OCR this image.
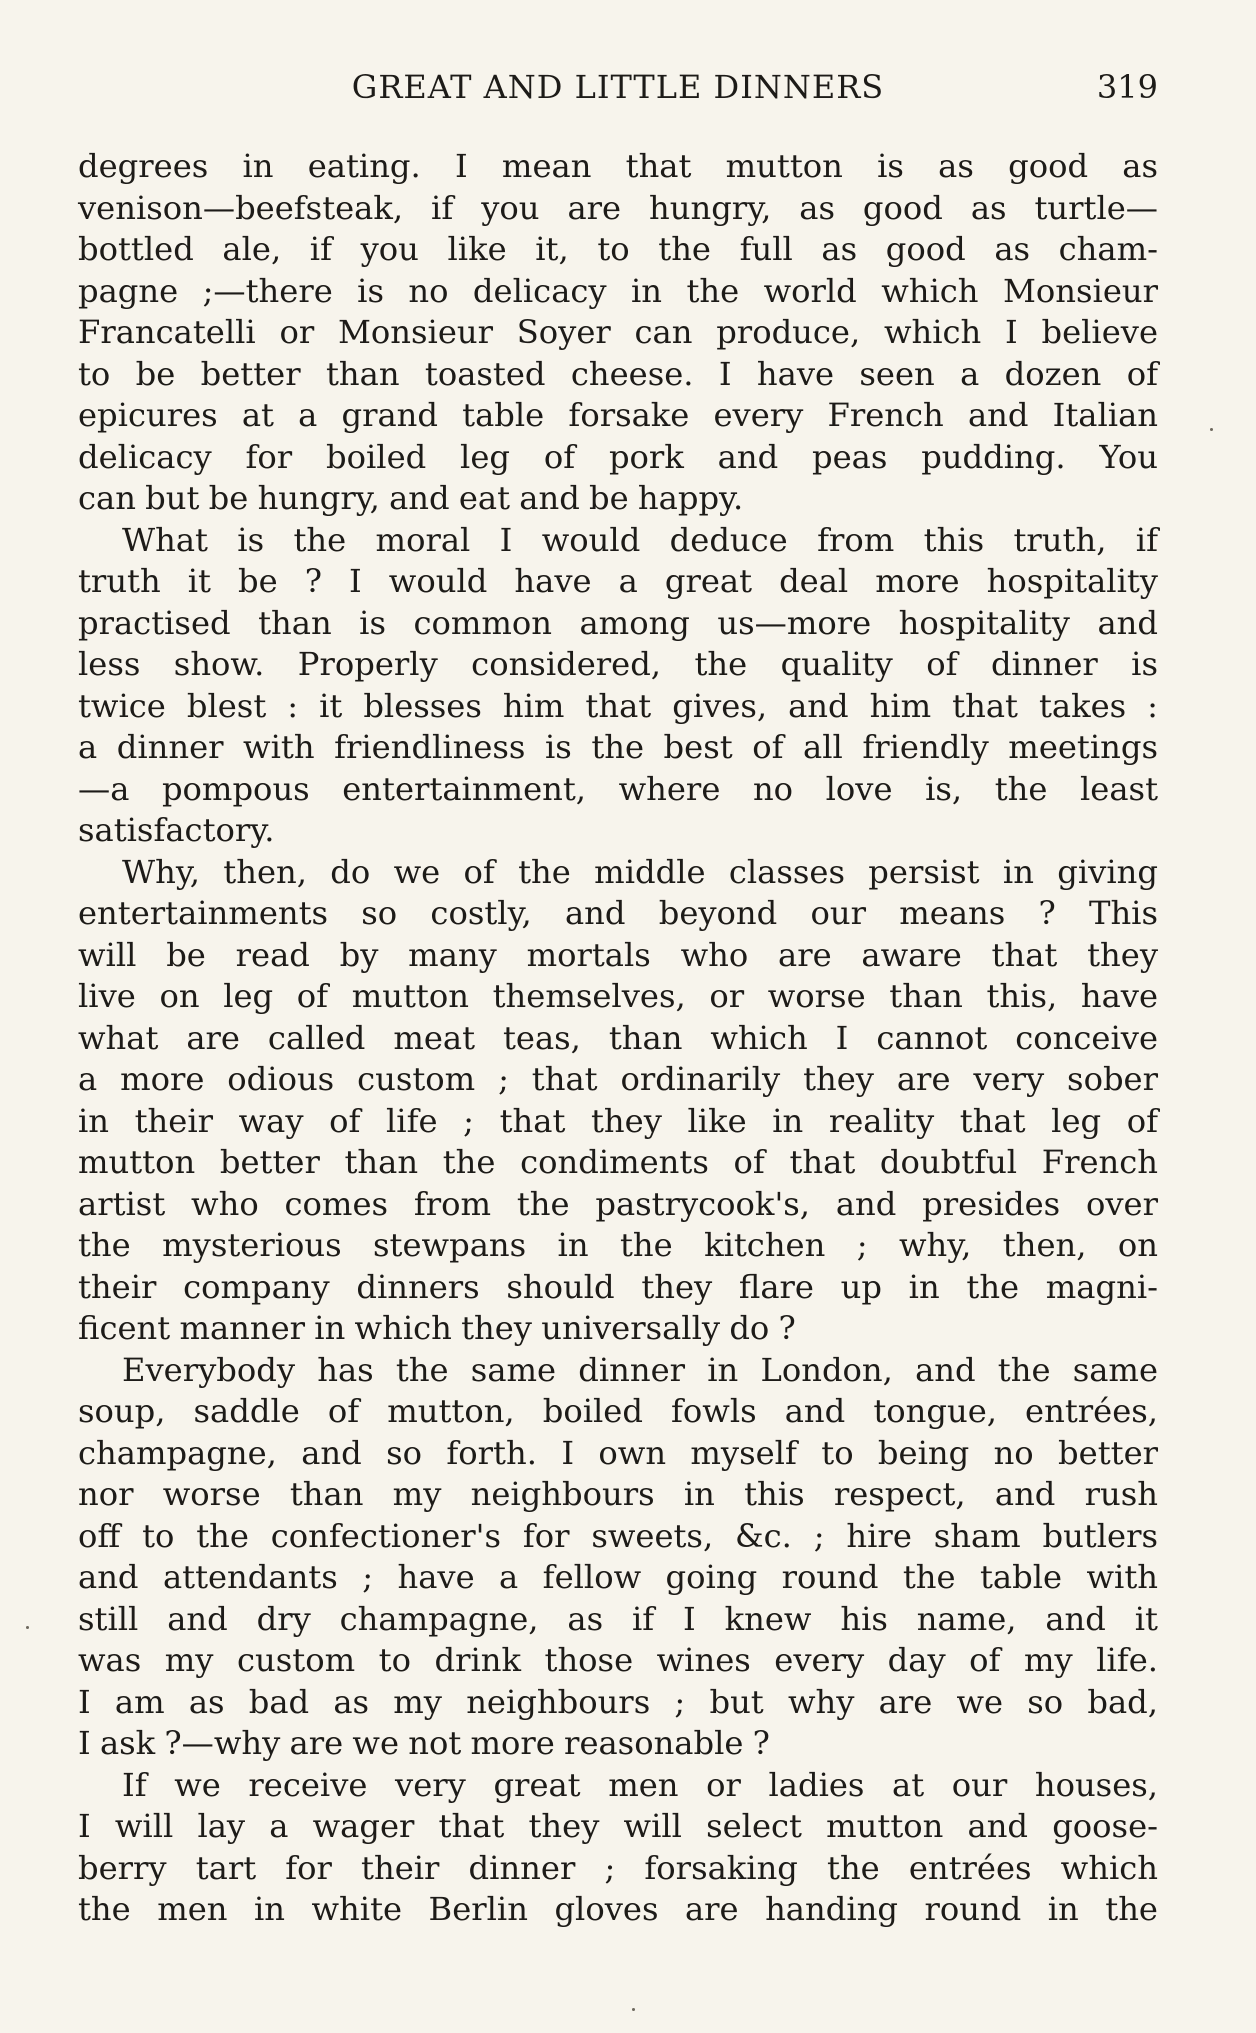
GREAT AND LITTLE DINNERS	319
degrees in eating. I mean that mutton is as good as
venison—beefsteak, if you are hungry, as good as turtle—
bottled ale, if you like it, to the full as good as cham-
pagne ;—there is no delicacy in the world which Monsieur
Francatelli or Monsieur Soyer can produce, which I believe
to be better than toasted cheese. I have seen a dozen of
epicures at a grand table forsake every French and Italian
delicacy for boiled leg of pork and peas pudding. You
can but be hungry, and eat and be happy.
What is the moral I would deduce from this truth, if
truth it be ? I would have a great deal more hospitality
practised than is common among us—more hospitality and
less show. Properly considered, the quality of dinner is
twice blest : it blesses him that gives, and him that takes :
a dinner with friendliness is the best of all friendly meetings
—a pompous entertainment, where no love is, the least
satisfactory.
Why, then, do we of the middle classes persist in giving
entertainments so costly, and beyond our means ? This
will be read by many mortals who are aware that they
live on leg of mutton themselves, or worse than this, have
what are called meat teas, than which I cannot conceive
a more odious custom ; that ordinarily they are very sober
in their way of life ; that they like in reality that leg of
mutton better than the condiments of that doubtful French
artist who comes from the pastrycook's, and presides over
the mysterious stewpans in the kitchen ; why, then, on
their company dinners should they flare up in the magni-
ficent manner in which they universally do ?
Everybody has the same dinner in London, and the same
soup, saddle of mutton, boiled fowls and tongue, entrées,
champagne, and so forth. I own myself to being no better
nor worse than my neighbours in this respect, and rush
off to the confectioner's for sweets, &c. ; hire sham butlers
and attendants ; have a fellow going round the table with
still and dry champagne, as if I knew his name, and it
was my custom to drink those wines every day of my life.
I am as bad as my neighbours ; but why are we so bad,
I ask ?—why are we not more reasonable ?
If we receive very great men or ladies at our houses,
I will lay a wager that they will select mutton and goose-
berry tart for their dinner ; forsaking the entrées which
the men in white Berlin gloves are handing round in the
